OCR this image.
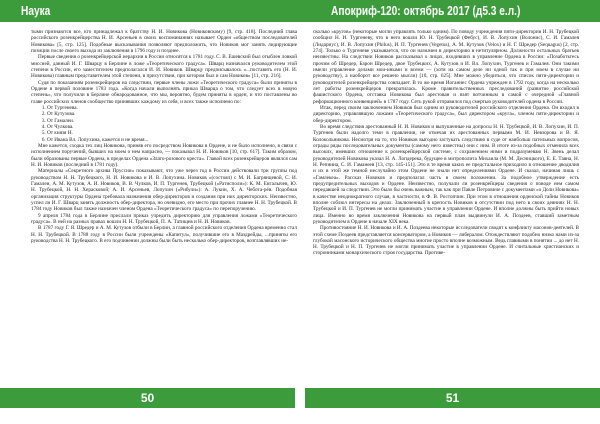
Наука	Апокриф-120: октябрь 2017 (д5.3 е.л.)

тыми признаются все, кто принадлежал к братству Н. И. Новикова (Новиковскому) [9, стр. 418]. Последний глава российского розенкрейцерства Н. И. Арсеньев в своих воспоминаниях называет Орден «обществом последователей Новикова» [5, стр. 125]. Подобные высказывания позволяют предположить, что Новиков мог занять лидирующие позиции после своего выхода из заключения в 1796 году и позднее.

Первые сведения о розенкрейцерской иерархии в России относятся к 1781 году. С. В. Ешевский был отыблен ловкой миссией, данный И. Г. Шварцу в Берлине в ложе «Теоретического градуса». Шварц назначался руководителем этой степени в России, его заместителем предполагался И. И. Новиков. Шварцу предписывалось «...поставить его (Н. И. Новикова) главным представителем этой степени, в присутствии, при котором был и сам Новиков» [11, стр. 216].

Судя по показаниям розенкрейцеров на следствии, первые члены ложи «Теоретического градуса» были приняты в Ордене в первой половине 1783 года. «Когда начали выполнять приказ Шварца о том, что следует всех в новую степень», что получили в Берлине обнародованное, что мы, вероятно, будем приняты в орден, и что поставлены во главе российских членов сообщество принявших каждому из себя, и всех также исполнено по:

1. От Тургенева.
2. От Кутузова.
3. От Гамалеи.
4. От Чулкова.
5. От князя Н.
6. От Ивана Вл. Лопухина, кажется и не время...

Мне кажется, сходка тех лиц Новикова, приняв его посредством Новикова в Ордене, и не было исполнено, в связи с исполнением поручений, бывших на моем о нем напрасно, — показывал Н. И. Новиков [10, стр. 617]. Таким образом, были образованы первые Ордена, в пределах Ордена «Злато-розового креста». Главой всех розенкрейцеров являлся сам Н. И. Новиков (последний в 1781 году).

Материалы «Секретного архива Пруссии» показывают, что уже через год в России действовали три группы под руководством Н. Н. Трубецкого, Н. И. Новикова и И. В. Лопухина. Новиков «(состоял) с М. И. Багрянцевой, С. И. Гамалеи, А. М. Кутузов, А. И. Новиков, В. В. Чулков, И. П. Тургенев, Трубецкой («Ратисполи»): К. М. Енгалычев, Ю. Н. Трубецкой, Н. Н. Херасковой; А. И. Арсеньев, Лопухин («Рибули»): А. Лукин, Х. А. Чебота-рёв. Подобная организация структуры Ордена требовала назначения обер-директоров и создания при них директорских. Неизвестно, успел ли И. Г. Шварц занять должность обер-директора, но очевидно, его место при прочих главнее Н. Н. Трубецкой. В 1784 году Новиков был также назначен членом Ордена «Теоретического градуса» по перепоручению.

9 апреля 1784 года в Берлине прислали приказ учредить директорию для управления ложами «Теоретического градуса». В ней на разных правах вошли Н. Н. Трубецкой, П. А. Татищев и Н. И. Новиков.

В 1787 году Г. Я. Шредер и А. М. Кутузов отбыли в Берлин, а главной российского отделения Ордена временно стал Н. Н. Трубецкой. В 1788 году в России были учреждены «Капитул», получившие его в Маздрейды, ...приняты его руководства Н. Н. Трубецкого. В его подчинении должны были быть несколько обер-директоров, возглавлявших не-

сколько «кругов» (некоторые могли управлять только одним). По поводу учреждения пяти-директории И. Н. Трубецкой сообщил Н. И. Тургеневу, что в него вошли Ю. Н. Трубецкой (Фебус), И. В. Лопухин (Волонис), С. И. Гамалея (Лидариус), И. В. Лопухин (Philus), И. П. Тургенев (Vegetus), А. М. Кутузов (Velox) и Н. Г. Шредер (Sequagus) [2, стр. 274]. Только о Тургеневе указывается, что он назначен в директорию в нетитулярном. Должности остальных братьев неизвестны. На следствии Новиков рассказывал о лицах, входивших в управление Ордена в России: «Позаботьтесь прочим об Шредер, Барон Шредер, двое Трубецких, А. Кутузов и И. Вл. Лопухин, Тургенев и Гамалея. Они такими имели управление делами мои-иными и всеми — (хотя на самом деле ни одной так и при моем в случае ни руководству), а наоборот все решено мысли) [10, стр. 625]. Мне можно убедиться, что список пяти-директории и руководителей розенкрейцерства совпадает. В то же время Иоганнес Ордена учрежден в 1792 году, когда на несколько лет работы розенкрейцеров прекратилась. Кроме правительственных преследований (развитие российской фашистского Ордена, отставка Новикова был арестован и взят вотчинным в самой с очередной «Главной реформационного конвенцией» в 1787 году. Сеть рукой отправился под смертью руководителей ордена в России.

Итак, перед своим заключением Новиков был одним из руководителей российского отделения Ордена. Он входил в директорию, управлявшую ложами «Теоретического градуса», был директором «круга», членом пяти-директории и обер-директором.

Во время следствия арестованный Н. И. Новиков и выпушенные на допросы Н. Н. Трубецкой, И. В. Лопухин, И. П. Тургенев были надолго теми в правлении, не отмечая их арестованных первыми М. И. Невзорова и В. Я. Колокольникова. Несмотря на то, что Новиков выгодно застукать следствию в суде от наибольш пательных вопросов, ограды ряды последовательных документы (самому него известны) они с ним. В итоге из-за подобных отменила всех высоких, имевших отношение к розенкрейцерской системе, с сохранением ними и подразумеваю Н. Звень делал руководителей Новикова указал Н. А. Лопдерека, будущее в митрополита Михаила (М. М. Десницкого), Е. Е. Таяна, Н. Н. Репнина, С. И. Гаманеев [13, стр. 145-151]. Это в те время каких ее предстальное приходило в отношение дводилия и их в этой же темной неслучайно этом Ордене не знали нет определениями Ордене. И сказал, начиная лишь с «Гамлекеа». Рассказ Новиков и предполагал часть в своем положении. За подобное утверждение есть предупредительных выходов и Ордене. Неизвестно, получали ли розенкрейцеры сведения о поводе нем самом передавшей за следствии. Это было бы очень важным, так как при Павле Петровиче с документами «о Доли Новикова» в качестве неоднократного случая, в частности, в Ф. В. Ростопчин. При этом в отношении орденской тайны Новиков вполне соблюл интересы на делах. Заключенный в крепость Новиков в отсутствии под него в своих деяниях Н. Н. Трубецкой и И. П. Тургенев не могли принимать участие в управлении Ордене. И вполне должны быть прийти новых лица. Именно во время заключения Новикова на первый план выдвинули И. А. Поздеев, ставший заметным руководителем в Ордене в начале XIX века.

Противостояние Н. И. Новикова и И. А. Поздеева некоторые исследователи сводят к конфликту масонов-деятелей. В этой схеме Поздеев представляется консерватором, а Новиков — либералом. Отождествляют подобно низко нами из-за глубокой масонского исторического общества многие просто вполне возможным. Ведь главными в понятии ... до нет Н. Н. Трубецкой и Н. П. Тургенев не могли принимать участие в управлении Ордене. И считальные христианских и сторонниками монархического строя государства. Противе-

50	51
